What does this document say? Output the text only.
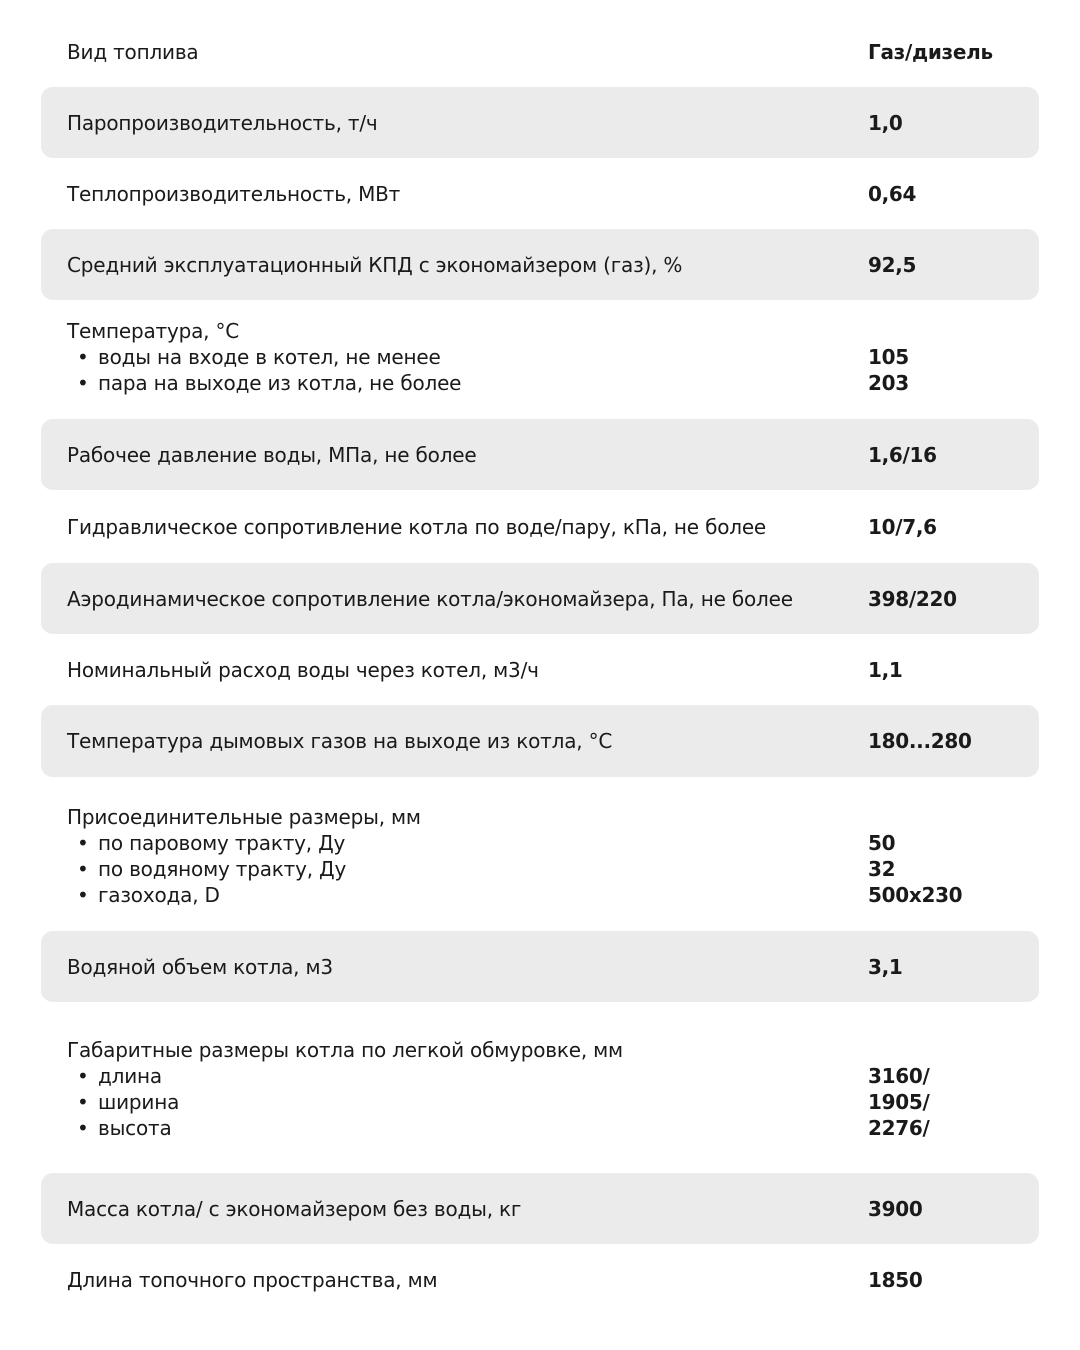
Вид топлива	Газ/дизель
Паропроизводительность, т/ч	1,0
Теплопроизводительность, МВт	0,64
Средний эксплуатационный КПД с экономайзером (газ), %	92,5
Температура, °C
• воды на входе в котел, не менее	105
• пара на выходе из котла, не более	203
Рабочее давление воды, МПа, не более	1,6/16
Гидравлическое сопротивление котла по воде/пару, кПа, не более	10/7,6
Аэродинамическое сопротивление котла/экономайзера, Па, не более	398/220
Номинальный расход воды через котел, м3/ч	1,1
Температура дымовых газов на выходе из котла, °C	180...280
Присоединительные размеры, мм
• по паровому тракту, Ду	50
• по водяному тракту, Ду	32
• газохода, D	500x230
Водяной объем котла, м3	3,1
Габаритные размеры котла по легкой обмуровке, мм
• длина	3160/
• ширина	1905/
• высота	2276/
Масса котла/ с экономайзером без воды, кг	3900
Длина топочного пространства, мм	1850
